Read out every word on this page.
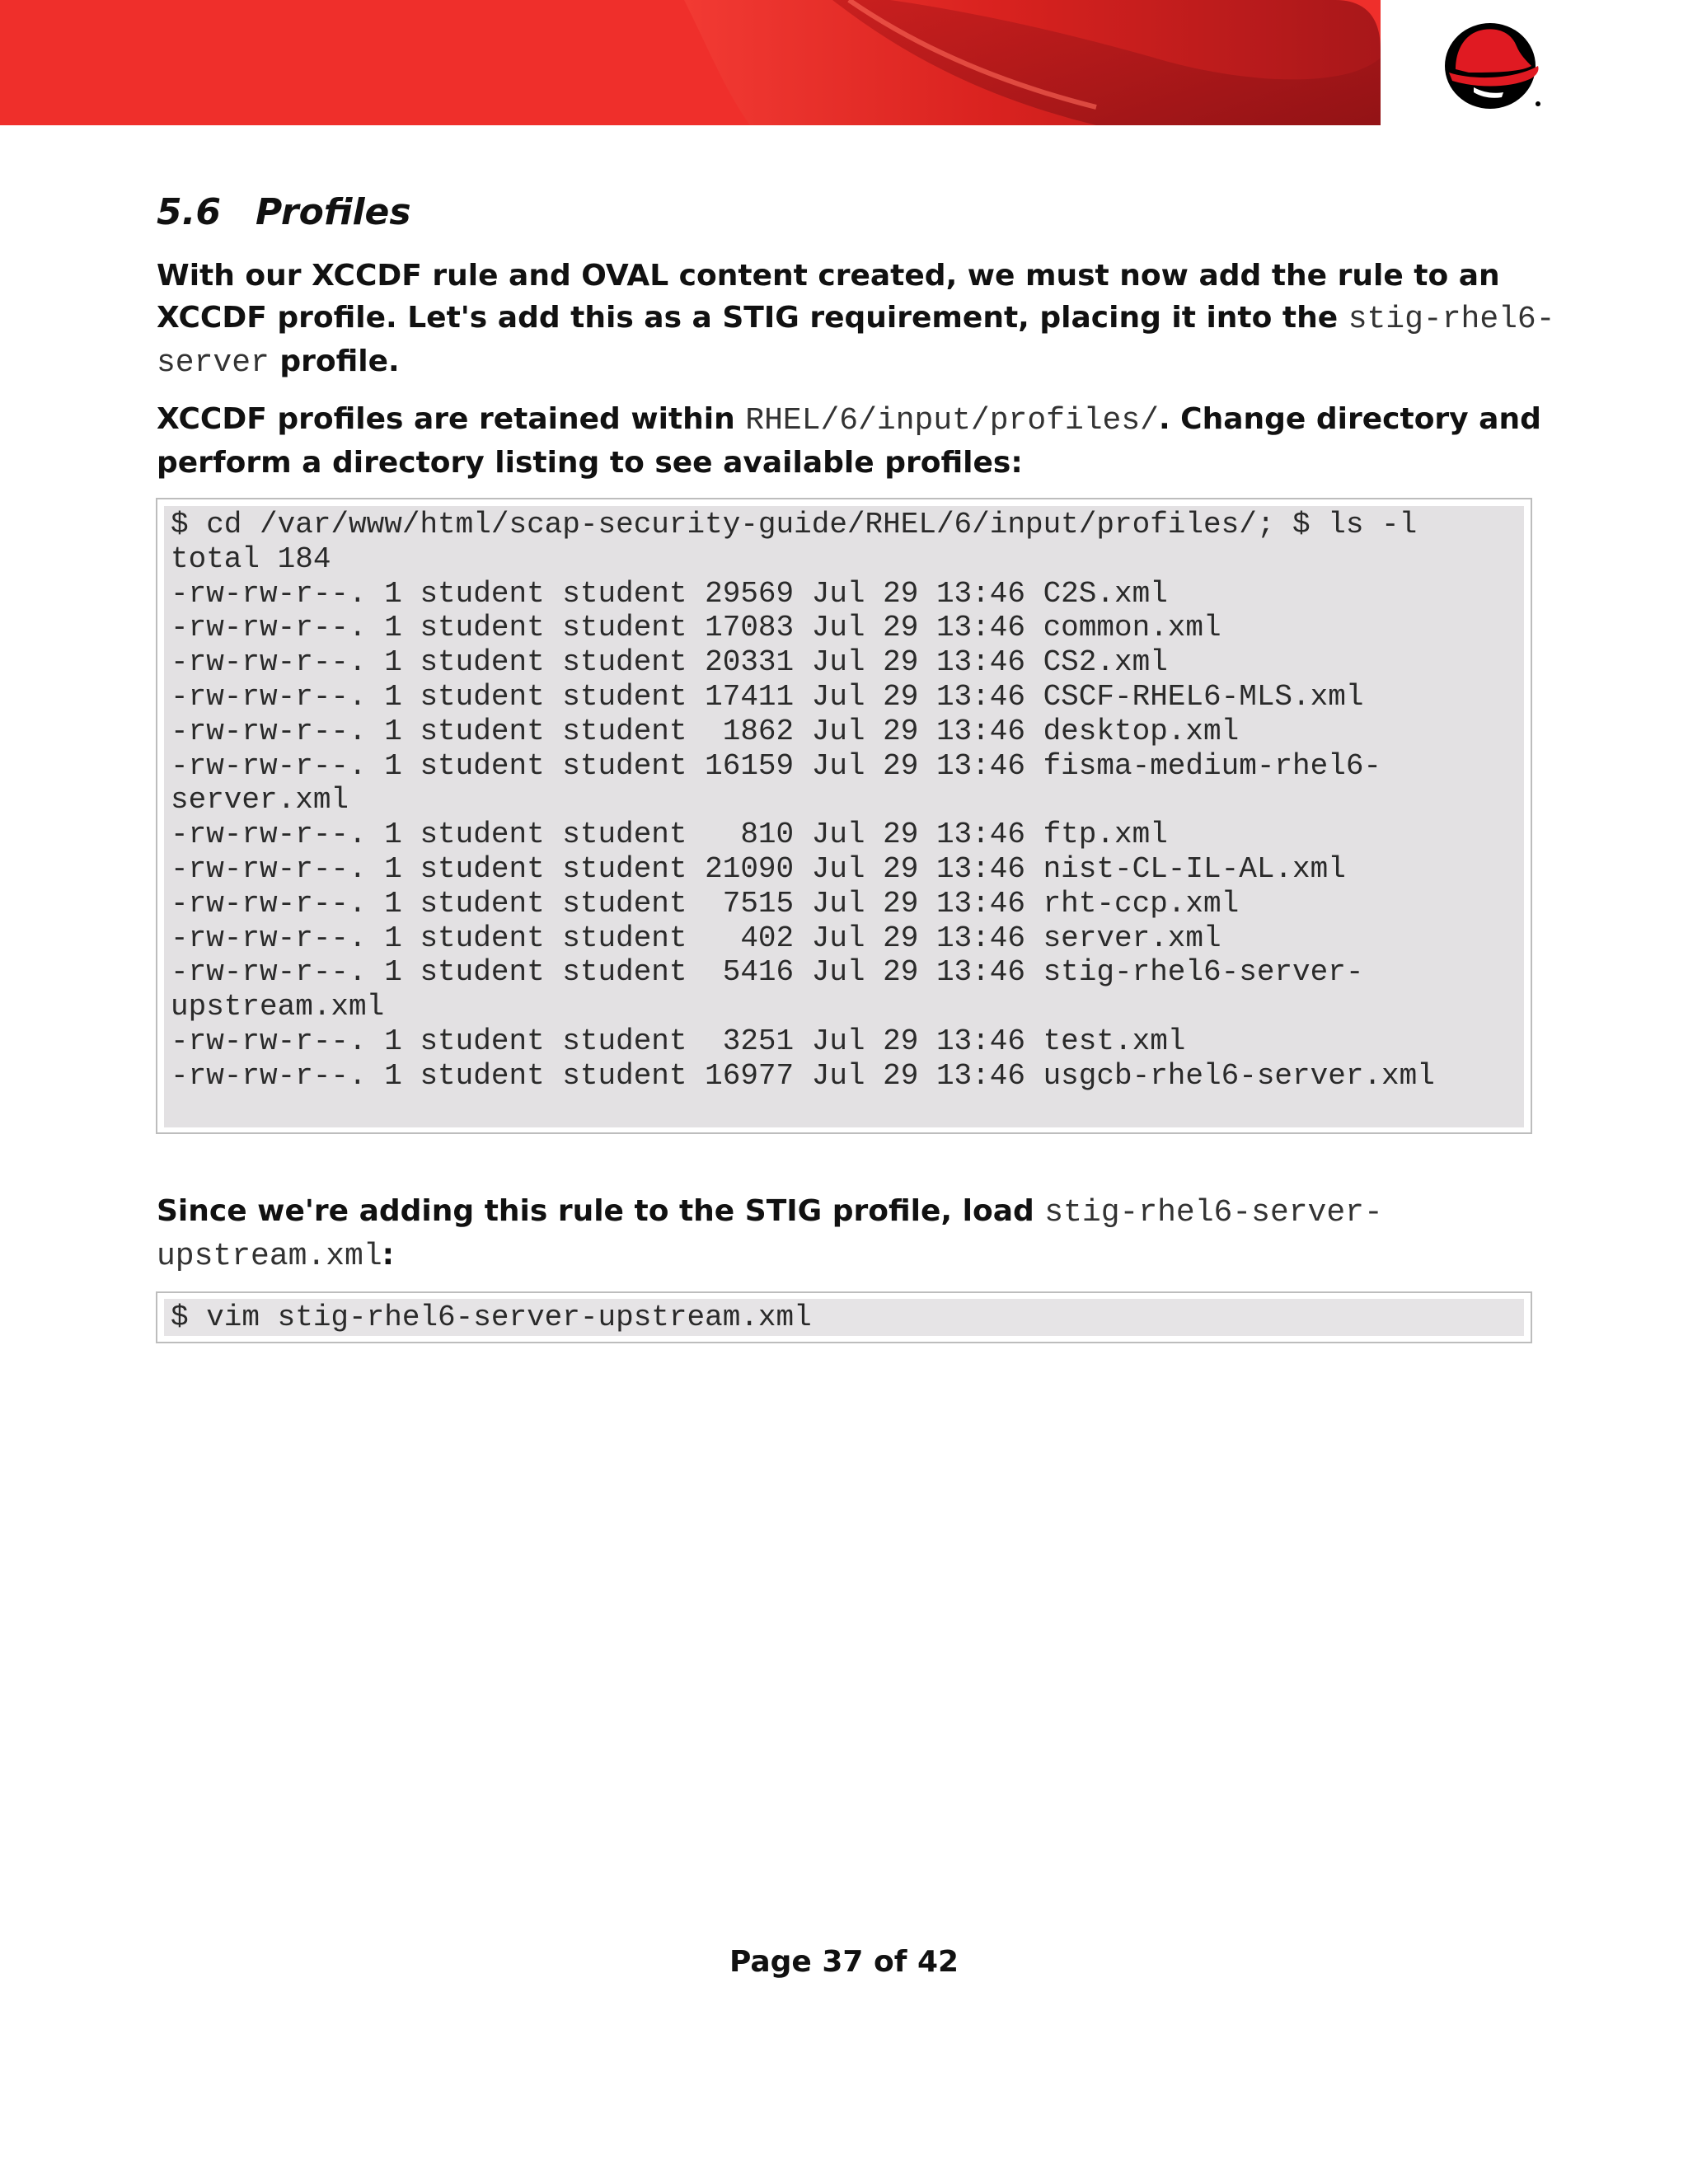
5.6 Profiles

With our XCCDF rule and OVAL content created, we must now add the rule to an XCCDF profile. Let's add this as a STIG requirement, placing it into the stig-rhel6-server profile.

XCCDF profiles are retained within RHEL/6/input/profiles/. Change directory and perform a directory listing to see available profiles:

$ cd /var/www/html/scap-security-guide/RHEL/6/input/profiles/; $ ls -l
total 184
-rw-rw-r--. 1 student student 29569 Jul 29 13:46 C2S.xml
-rw-rw-r--. 1 student student 17083 Jul 29 13:46 common.xml
-rw-rw-r--. 1 student student 20331 Jul 29 13:46 CS2.xml
-rw-rw-r--. 1 student student 17411 Jul 29 13:46 CSCF-RHEL6-MLS.xml
-rw-rw-r--. 1 student student  1862 Jul 29 13:46 desktop.xml
-rw-rw-r--. 1 student student 16159 Jul 29 13:46 fisma-medium-rhel6-
server.xml
-rw-rw-r--. 1 student student   810 Jul 29 13:46 ftp.xml
-rw-rw-r--. 1 student student 21090 Jul 29 13:46 nist-CL-IL-AL.xml
-rw-rw-r--. 1 student student  7515 Jul 29 13:46 rht-ccp.xml
-rw-rw-r--. 1 student student   402 Jul 29 13:46 server.xml
-rw-rw-r--. 1 student student  5416 Jul 29 13:46 stig-rhel6-server-
upstream.xml
-rw-rw-r--. 1 student student  3251 Jul 29 13:46 test.xml
-rw-rw-r--. 1 student student 16977 Jul 29 13:46 usgcb-rhel6-server.xml

Since we're adding this rule to the STIG profile, load stig-rhel6-server-upstream.xml:

$ vim stig-rhel6-server-upstream.xml
Page 37 of 42
